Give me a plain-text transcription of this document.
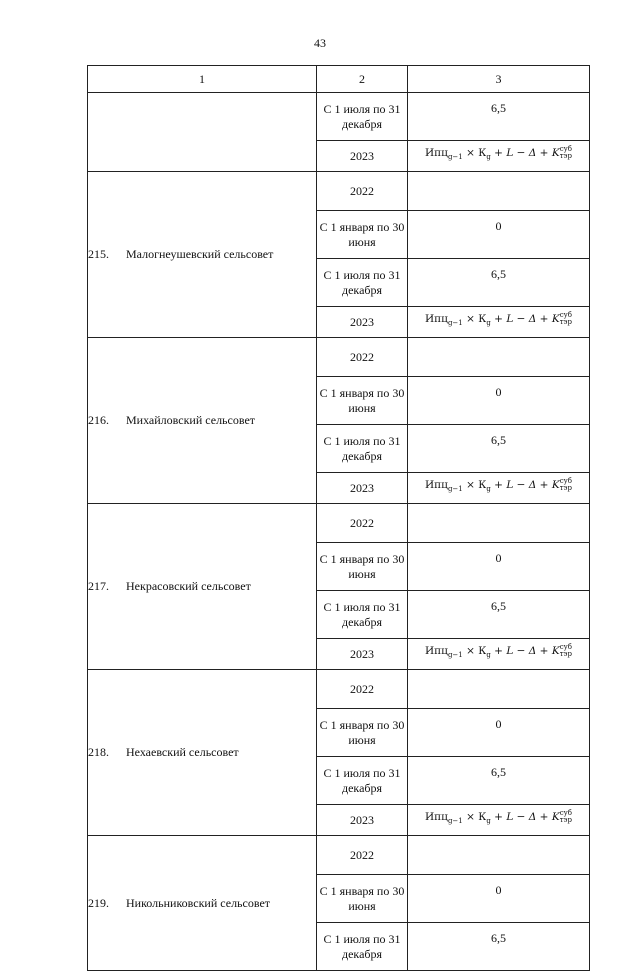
43
1	2	3
	С 1 июля по 31 декабря	6,5
	2023	$Ипц_{g-1} \times К_g + L - \Delta + K$ суб
тэр

215. Малогнеушевский сельсовет	2022	
	С 1 января по 30 июня	0
	С 1 июля по 31 декабря	6,5
	2023	$Ипц_{g-1} \times К_g + L - \Delta + K$ суб
тэр

216. Михайловский сельсовет	2022	
	С 1 января по 30 июня	0
	С 1 июля по 31 декабря	6,5
	2023	$Ипц_{g-1} \times К_g + L - \Delta + K$ суб
тэр

217. Некрасовский сельсовет	2022	
	С 1 января по 30 июня	0
	С 1 июля по 31 декабря	6,5
	2023	$Ипц_{g-1} \times К_g + L - \Delta + K$ суб
тэр

218. Нехаевский сельсовет	2022	
	С 1 января по 30 июня	0
	С 1 июля по 31 декабря	6,5
	2023	$Ипц_{g-1} \times К_g + L - \Delta + K$ суб
тэр

219. Никольниковский сельсовет	2022	
	С 1 января по 30 июня	0
	С 1 июля по 31 декабря	6,5
